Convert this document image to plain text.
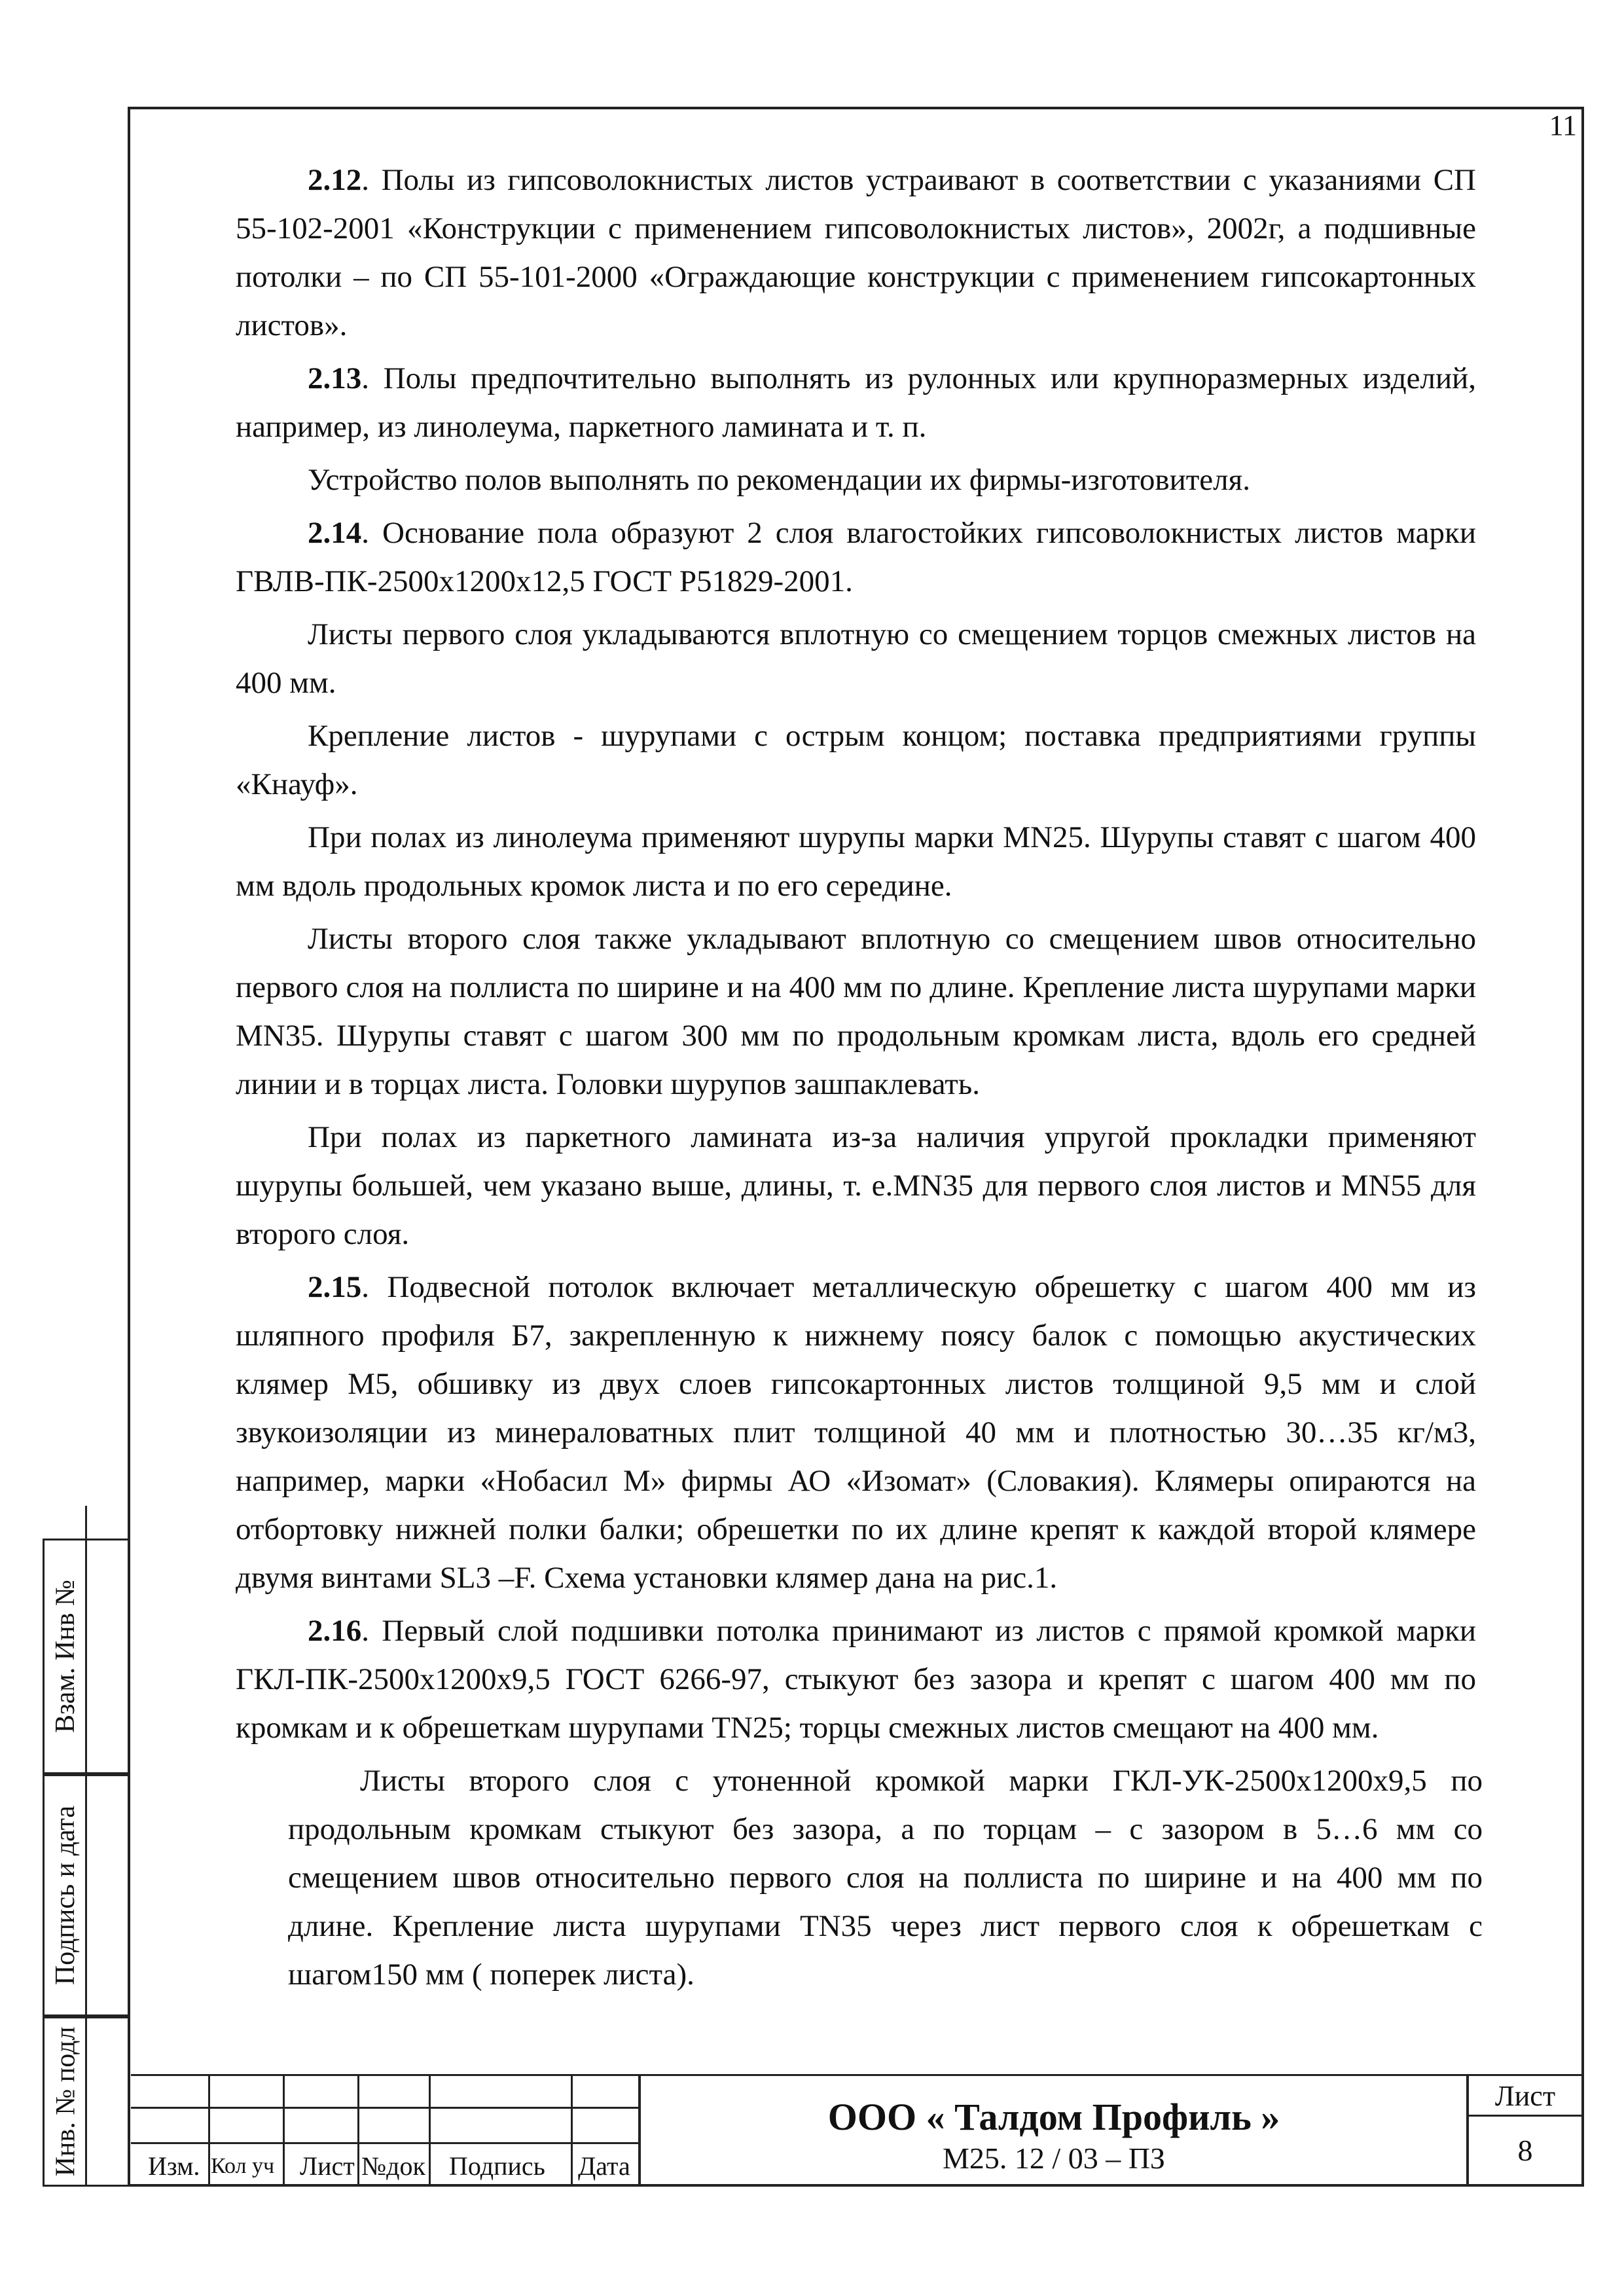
11

2.12. Полы из гипсоволокнистых листов устраивают в соответствии с указаниями СП 55-102-2001 «Конструкции с применением гипсоволокнистых листов», 2002г, а подшивные потолки – по СП 55-101-2000 «Ограждающие конструкции с применением гипсокартонных листов».

2.13. Полы предпочтительно выполнять из рулонных или крупноразмерных изделий, например, из линолеума, паркетного ламината и т. п.

Устройство полов выполнять по рекомендации их фирмы-изготовителя.

2.14. Основание пола образуют 2 слоя влагостойких гипсоволокнистых листов марки ГВЛВ-ПК-2500x1200x12,5 ГОСТ Р51829-2001.

Листы первого слоя укладываются вплотную со смещением торцов смежных листов на 400 мм.

Крепление листов - шурупами с острым концом; поставка предприятиями группы «Кнауф».

При полах из линолеума применяют шурупы марки MN25. Шурупы ставят с шагом 400 мм вдоль продольных кромок листа и по его середине.

Листы второго слоя также укладывают вплотную со смещением швов относительно первого слоя на поллиста по ширине и на 400 мм по длине. Крепление листа шурупами марки MN35. Шурупы ставят с шагом 300 мм по продольным кромкам листа, вдоль его средней линии и в торцах листа. Головки шурупов зашпаклевать.

При полах из паркетного ламината из-за наличия упругой прокладки применяют шурупы большей, чем указано выше, длины, т. е.MN35 для первого слоя листов и MN55 для второго слоя.

2.15. Подвесной потолок включает металлическую обрешетку с шагом 400 мм из шляпного профиля Б7, закрепленную к нижнему поясу балок с помощью акустических клямер М5, обшивку из двух слоев гипсокартонных листов толщиной 9,5 мм и слой звукоизоляции из минераловатных плит толщиной 40 мм и плотностью 30…35 кг/м3, например, марки «Нобасил М» фирмы АО «Изомат» (Словакия). Клямеры опираются на отбортовку нижней полки балки; обрешетки по их длине крепят к каждой второй клямере двумя винтами SL3 –F. Схема установки клямер дана на рис.1.

2.16. Первый слой подшивки потолка принимают из листов с прямой кромкой марки ГКЛ-ПК-2500x1200x9,5 ГОСТ 6266-97, стыкуют без зазора и крепят с шагом 400 мм по кромкам и к обрешеткам шурупами TN25; торцы смежных листов смещают на 400 мм.

Листы второго слоя с утоненной кромкой марки ГКЛ-УК-2500x1200x9,5 по продольным кромкам стыкуют без зазора, а по торцам – с зазором в 5…6 мм со смещением швов относительно первого слоя на поллиста по ширине и на 400 мм по длине. Крепление листа шурупами TN35 через лист первого слоя к обрешеткам с шагом150 мм ( поперек листа).

Взам. Инв №
Подпись и дата
Инв. № подл	Изм. Кол уч Лист №док Подпись Дата
ООО « Талдом Профиль »
М25. 12 / 03 – ПЗ
Лист
8
